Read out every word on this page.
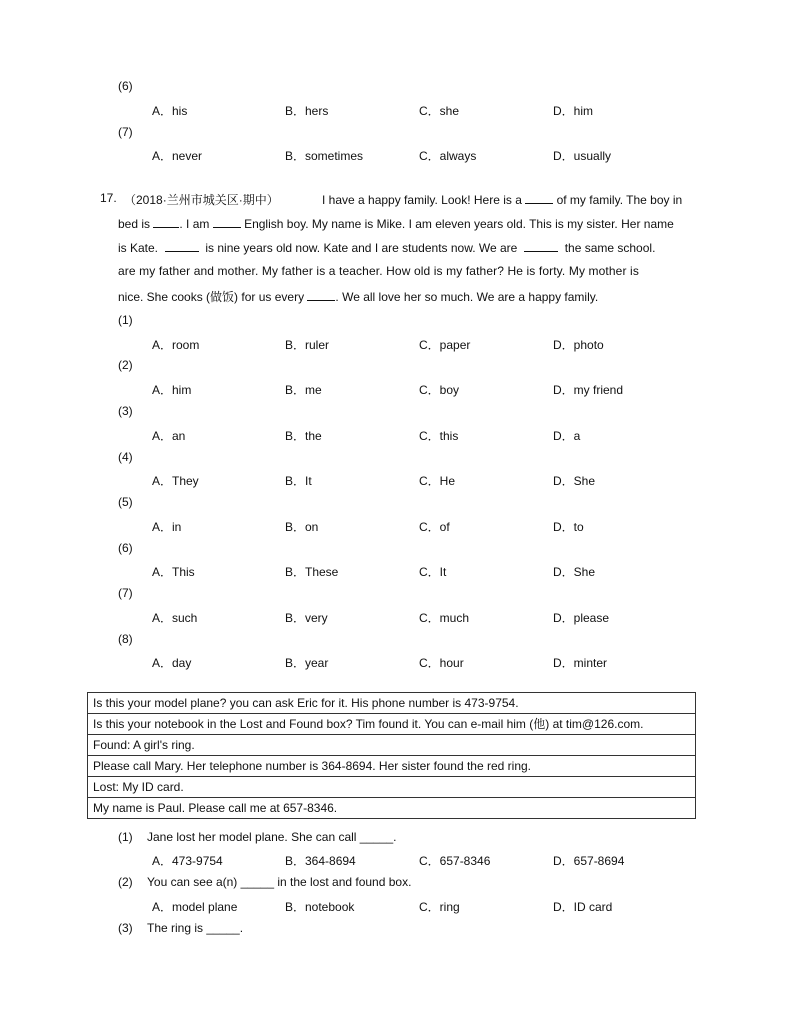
(6)
A．his	B．hers	C．she	D．him
(7)
A．never	B．sometimes	C．always	D．usually
17. （2018·兰州市城关区·期中）	I have a happy family. Look! Here is a	of my family. The boy in
bed is . I am	English boy. My name is Mike. I am eleven years old. This is my sister. Her name
is Kate.	is nine years old now. Kate and I are students now. We are	the same school.
are my father and mother. My father is a teacher. How old is my father? He is forty. My mother is
nice. She cooks (做饭) for us every	. We all love her so much. We are a happy family.
(1)
A．room	B．ruler	C．paper	D．photo
(2)
A．him	B．me	C．boy	D．my friend
(3)
A．an	B．the	C．this	D．a
(4)
A．They	B．It	C．He	D．She
(5)
A．in	B．on	C．of	D．to
(6)
A．This	B．These	C．It	D．She
(7)
A．such	B．very	C．much	D．please
(8)
A．day	B．year	C．hour	D．minter
Is this your model plane? you can ask Eric for it. His phone number is 473-9754.
Is this your notebook in the Lost and Found box? Tim found it. You can e-mail him (他) at tim@126.com.
Found: A girl's ring.
Please call Mary. Her telephone number is 364-8694. Her sister found the red ring.
Lost: My ID card.
My name is Paul. Please call me at 657-8346.
(1) Jane lost her model plane. She can call _____.
A．473-9754	B．364-8694	C．657-8346	D．657-8694
(2) You can see a(n) _____ in the lost and found box.
A．model plane	B．notebook	C．ring	D．ID card
(3) The ring is _____.
